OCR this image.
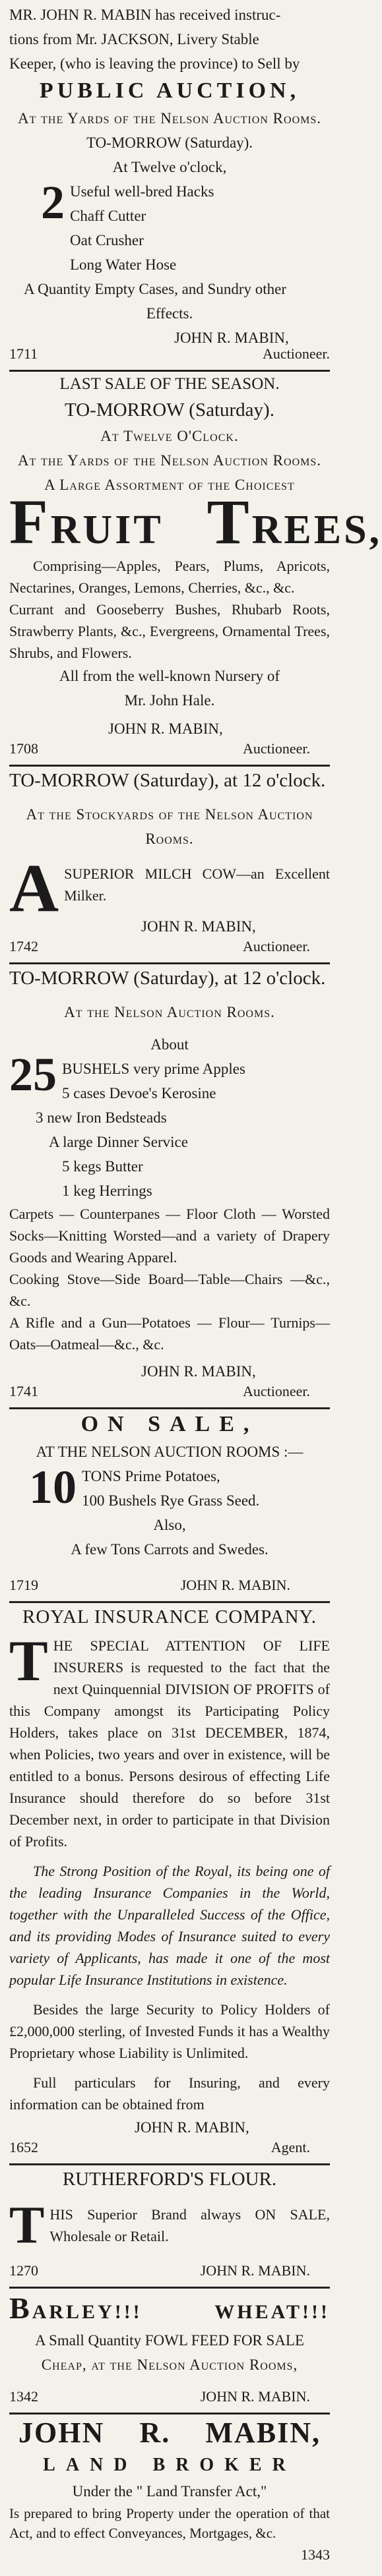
MR. JOHN R. MABIN has received instruc-
tions from Mr. JACKSON, Livery Stable
Keeper, (who is leaving the province) to Sell by
PUBLIC AUCTION,
At the Yards of the Nelson Auction Rooms.
TO-MORROW (Saturday).
At Twelve o'clock,
2 Useful well-bred Hacks
Chaff Cutter
Oat Crusher
Long Water Hose
A Quantity Empty Cases, and Sundry other
Effects.
JOHN R. MABIN,
1711	Auctioneer.
LAST SALE OF THE SEASON.
TO-MORROW (Saturday).
At Twelve O'Clock.
At the Yards of the Nelson Auction Rooms.
A Large Assortment of the Choicest
FRUIT TREES,
Comprising—Apples, Pears, Plums, Apricots, Nectarines, Oranges, Lemons, Cherries, &c., &c.
Currant and Gooseberry Bushes, Rhubarb Roots, Strawberry Plants, &c., Evergreens, Ornamental Trees, Shrubs, and Flowers.
All from the well-known Nursery of
Mr. John Hale.
JOHN R. MABIN,
1708	Auctioneer.
TO-MORROW (Saturday), at 12 o'clock.
At the Stockyards of the Nelson Auction
Rooms.
A SUPERIOR MILCH COW—an Excellent Milker.
JOHN R. MABIN,
1742	Auctioneer.
TO-MORROW (Saturday), at 12 o'clock.
At the Nelson Auction Rooms.
About
25 BUSHELS very prime Apples
5 cases Devoe's Kerosine
3 new Iron Bedsteads
A large Dinner Service
5 kegs Butter
1 keg Herrings
Carpets — Counterpanes — Floor Cloth — Worsted Socks—Knitting Worsted—and a variety of Drapery Goods and Wearing Apparel.
Cooking Stove—Side Board—Table—Chairs —&c., &c.
A Rifle and a Gun—Potatoes — Flour— Turnips—Oats—Oatmeal—&c., &c.
JOHN R. MABIN,
1741	Auctioneer.
ON SALE,
AT THE NELSON AUCTION ROOMS :—
10 TONS Prime Potatoes,
100 Bushels Rye Grass Seed.
Also,
A few Tons Carrots and Swedes.
1719	JOHN R. MABIN.
ROYAL INSURANCE COMPANY.
T HE SPECIAL ATTENTION OF LIFE INSURERS is requested to the fact that the next Quinquennial DIVISION OF PROFITS of this Company amongst its Participating Policy Holders, takes place on 31st DECEMBER, 1874, when Policies, two years and over in existence, will be entitled to a bonus. Persons desirous of effecting Life Insurance should therefore do so before 31st December next, in order to participate in that Division of Profits.
The Strong Position of the Royal, its being one of the leading Insurance Companies in the World, together with the Unparalleled Success of the Office, and its providing Modes of Insurance suited to every variety of Applicants, has made it one of the most popular Life Insurance Institutions in existence.
Besides the large Security to Policy Holders of £2,000,000 sterling, of Invested Funds it has a Wealthy Proprietary whose Liability is Unlimited.
Full particulars for Insuring, and every information can be obtained from
JOHN R. MABIN,
1652	Agent.
RUTHERFORD'S FLOUR.
T HIS Superior Brand always ON SALE, Wholesale or Retail.
1270	JOHN R. MABIN.
BARLEY!!!	WHEAT!!!
A Small Quantity FOWL FEED FOR SALE
Cheap, at the Nelson Auction Rooms,
1342	JOHN R. MABIN.
JOHN R. MABIN,
LAND BROKER
Under the " Land Transfer Act,"
Is prepared to bring Property under the operation of that Act, and to effect Conveyances, Mortgages, &c.
1343
